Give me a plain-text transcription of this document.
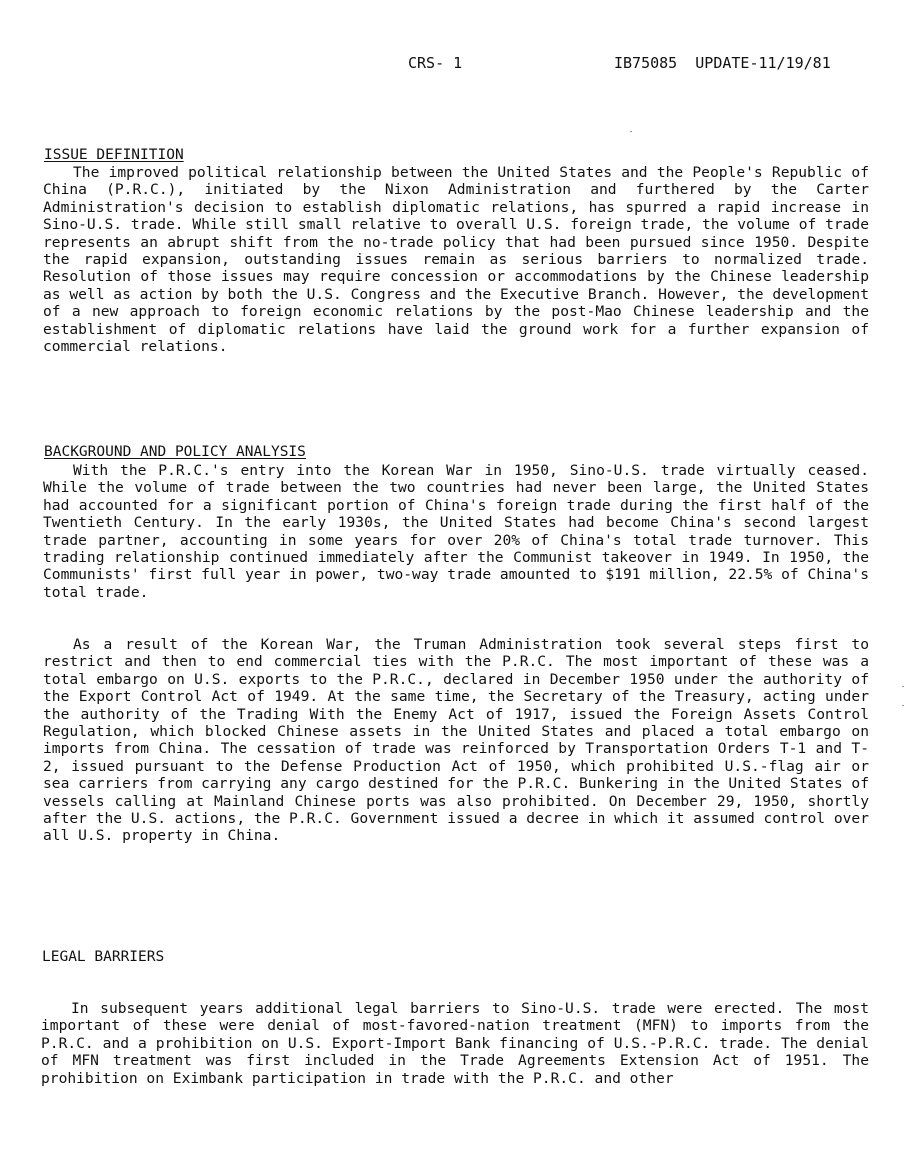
CRS- 1	IB75085  UPDATE-11/19/81
ISSUE DEFINITION

The improved political relationship between the United States and the People's Republic of China (P.R.C.), initiated by the Nixon Administration and furthered by the Carter Administration's decision to establish diplomatic relations, has spurred a rapid increase in Sino-U.S. trade. While still small relative to overall U.S. foreign trade, the volume of trade represents an abrupt shift from the no-trade policy that had been pursued since 1950. Despite the rapid expansion, outstanding issues remain as serious barriers to normalized trade. Resolution of those issues may require concession or accommodations by the Chinese leadership as well as action by both the U.S. Congress and the Executive Branch. However, the development of a new approach to foreign economic relations by the post-Mao Chinese leadership and the establishment of diplomatic relations have laid the ground work for a further expansion of commercial relations.

BACKGROUND AND POLICY ANALYSIS

With the P.R.C.'s entry into the Korean War in 1950, Sino-U.S. trade virtually ceased. While the volume of trade between the two countries had never been large, the United States had accounted for a significant portion of China's foreign trade during the first half of the Twentieth Century. In the early 1930s, the United States had become China's second largest trade partner, accounting in some years for over 20% of China's total trade turnover. This trading relationship continued immediately after the Communist takeover in 1949. In 1950, the Communists' first full year in power, two-way trade amounted to $191 million, 22.5% of China's total trade.

As a result of the Korean War, the Truman Administration took several steps first to restrict and then to end commercial ties with the P.R.C. The most important of these was a total embargo on U.S. exports to the P.R.C., declared in December 1950 under the authority of the Export Control Act of 1949. At the same time, the Secretary of the Treasury, acting under the authority of the Trading With the Enemy Act of 1917, issued the Foreign Assets Control Regulation, which blocked Chinese assets in the United States and placed a total embargo on imports from China. The cessation of trade was reinforced by Transportation Orders T-1 and T-2, issued pursuant to the Defense Production Act of 1950, which prohibited U.S.-flag air or sea carriers from carrying any cargo destined for the P.R.C. Bunkering in the United States of vessels calling at Mainland Chinese ports was also prohibited. On December 29, 1950, shortly after the U.S. actions, the P.R.C. Government issued a decree in which it assumed control over all U.S. property in China.

LEGAL BARRIERS

In subsequent years additional legal barriers to Sino-U.S. trade were erected. The most important of these were denial of most-favored-nation treatment (MFN) to imports from the P.R.C. and a prohibition on U.S. Export-Import Bank financing of U.S.-P.R.C. trade. The denial of MFN treatment was first included in the Trade Agreements Extension Act of 1951. The prohibition on Eximbank participation in trade with the P.R.C. and other
